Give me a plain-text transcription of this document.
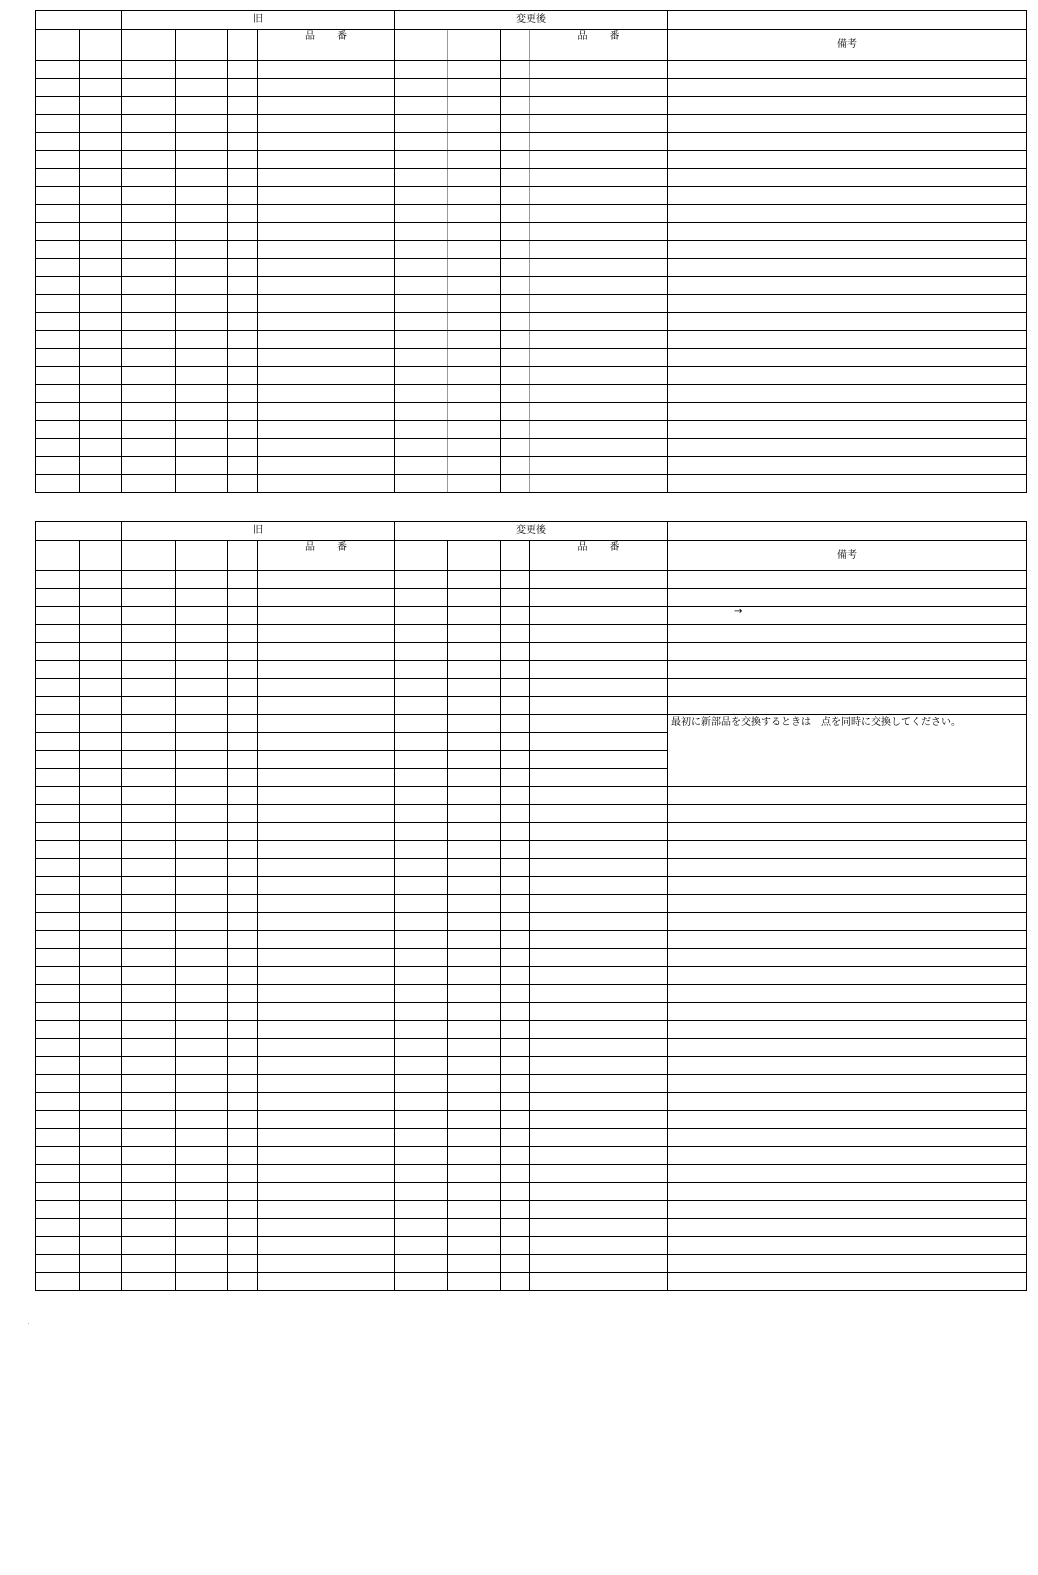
		旧				変更後				
					品番				品番	備考

		旧				変更後				
					品番				品番	備考

										→

										最初に新部品を交換するときは　点を同時に交換してください。
